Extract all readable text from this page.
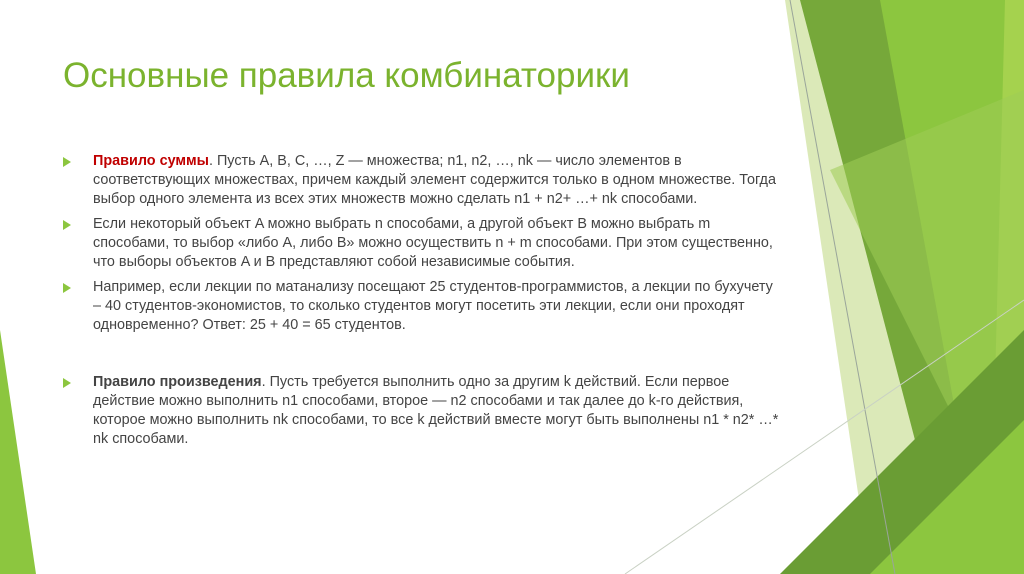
Основные правила комбинаторики
Правило суммы. Пусть A, B, C, …, Z — множества; n1, n2, …, nk — число элементов в соответствующих множествах, причем каждый элемент содержится только в одном множестве. Тогда выбор одного элемента из всех этих множеств можно сделать n1 + n2+ …+ nk способами.
Если некоторый объект A можно выбрать n способами, а другой объект B можно выбрать m способами, то выбор «либо A, либо B» можно осуществить n + m способами. При этом существенно, что выборы объектов A и B представляют собой независимые события.
Например, если лекции по матанализу посещают 25 студентов-программистов, а лекции по бухучету – 40 студентов-экономистов, то сколько студентов могут посетить эти лекции, если они проходят одновременно? Ответ: 25 + 40 = 65 студентов.
Правило произведения. Пусть требуется выполнить одно за другим k действий. Если первое действие можно выполнить n1 способами, второе — n2 способами и так далее до k-го действия, которое можно выполнить nk способами, то все k действий вместе могут быть выполнены n1 * n2* …* nk способами.
